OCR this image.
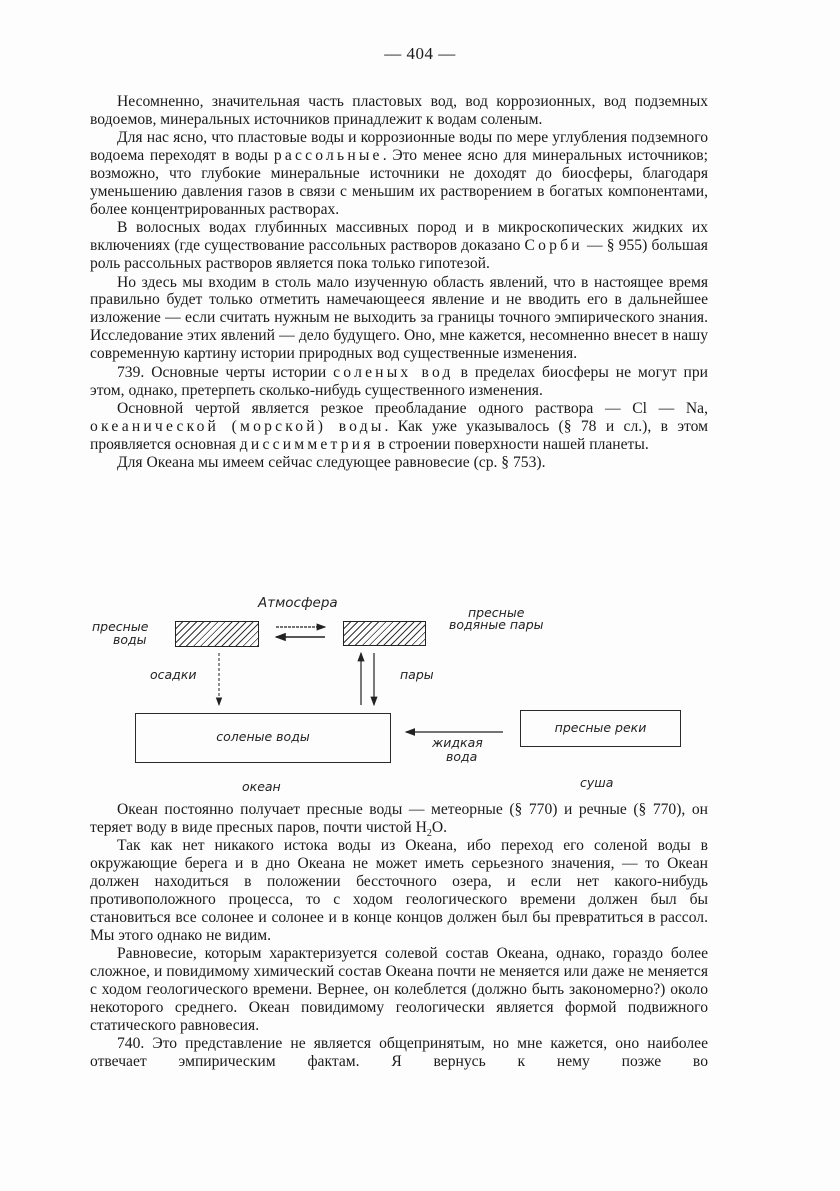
— 404 —

Несомненно, значительная часть пластовых вод, вод коррозионных, вод подземных водоемов, минеральных источников принадлежит к водам соленым.

Для нас ясно, что пластовые воды и коррозионные воды по мере углубления подземного водоема переходят в воды рассольные. Это менее ясно для минеральных источников; возможно, что глубокие минеральные источники не доходят до биосферы, благодаря уменьшению давления газов в связи с меньшим их растворением в богатых компонентами, более концентрированных растворах.

В волосных водах глубинных массивных пород и в микроскопических жидких их включениях (где существование рассольных растворов доказано Сорби — § 955) большая роль рассольных растворов является пока только гипотезой.

Но здесь мы входим в столь мало изученную область явлений, что в настоящее время правильно будет только отметить намечающееся явление и не вводить его в дальнейшее изложение — если считать нужным не выходить за границы точного эмпирического знания. Исследование этих явлений — дело будущего. Оно, мне кажется, несомненно внесет в нашу современную картину истории природных вод существенные изменения.

739. Основные черты истории соленых вод в пределах биосферы не могут при этом, однако, претерпеть сколько-нибудь существенного изменения.

Основной чертой является резкое преобладание одного раствора — Cl — Na, океанической (морской) воды. Как уже указывалось (§ 78 и сл.), в этом проявляется основная диссимметрия в строении поверхности нашей планеты.

Для Океана мы имеем сейчас следующее равновесие (ср. § 753).

Атмосфера
пресные
воды
пресные
водяные пары
осадки	пары
соленые воды
пресные реки
жидкая
вода
океан	суша

Океан постоянно получает пресные воды — метеорные (§ 770) и речные (§ 770), он теряет воду в виде пресных паров, почти чистой $H_2O$.

Так как нет никакого истока воды из Океана, ибо переход его соленой воды в окружающие берега и в дно Океана не может иметь серьезного значения, — то Океан должен находиться в положении бессточного озера, и если нет какого-нибудь противоположного процесса, то с ходом геологического времени должен был бы становиться все солонее и солонее и в конце концов должен был бы превратиться в рассол. Мы этого однако не видим.

Равновесие, которым характеризуется солевой состав Океана, однако, гораздо более сложное, и повидимому химический состав Океана почти не меняется или даже не меняется с ходом геологического времени. Вернее, он колеблется (должно быть закономерно?) около некоторого среднего. Океан повидимому геологически является формой подвижного статического равновесия.

740. Это представление не является общепринятым, но мне кажется, оно наиболее отвечает эмпирическим фактам. Я вернусь к нему позже во
